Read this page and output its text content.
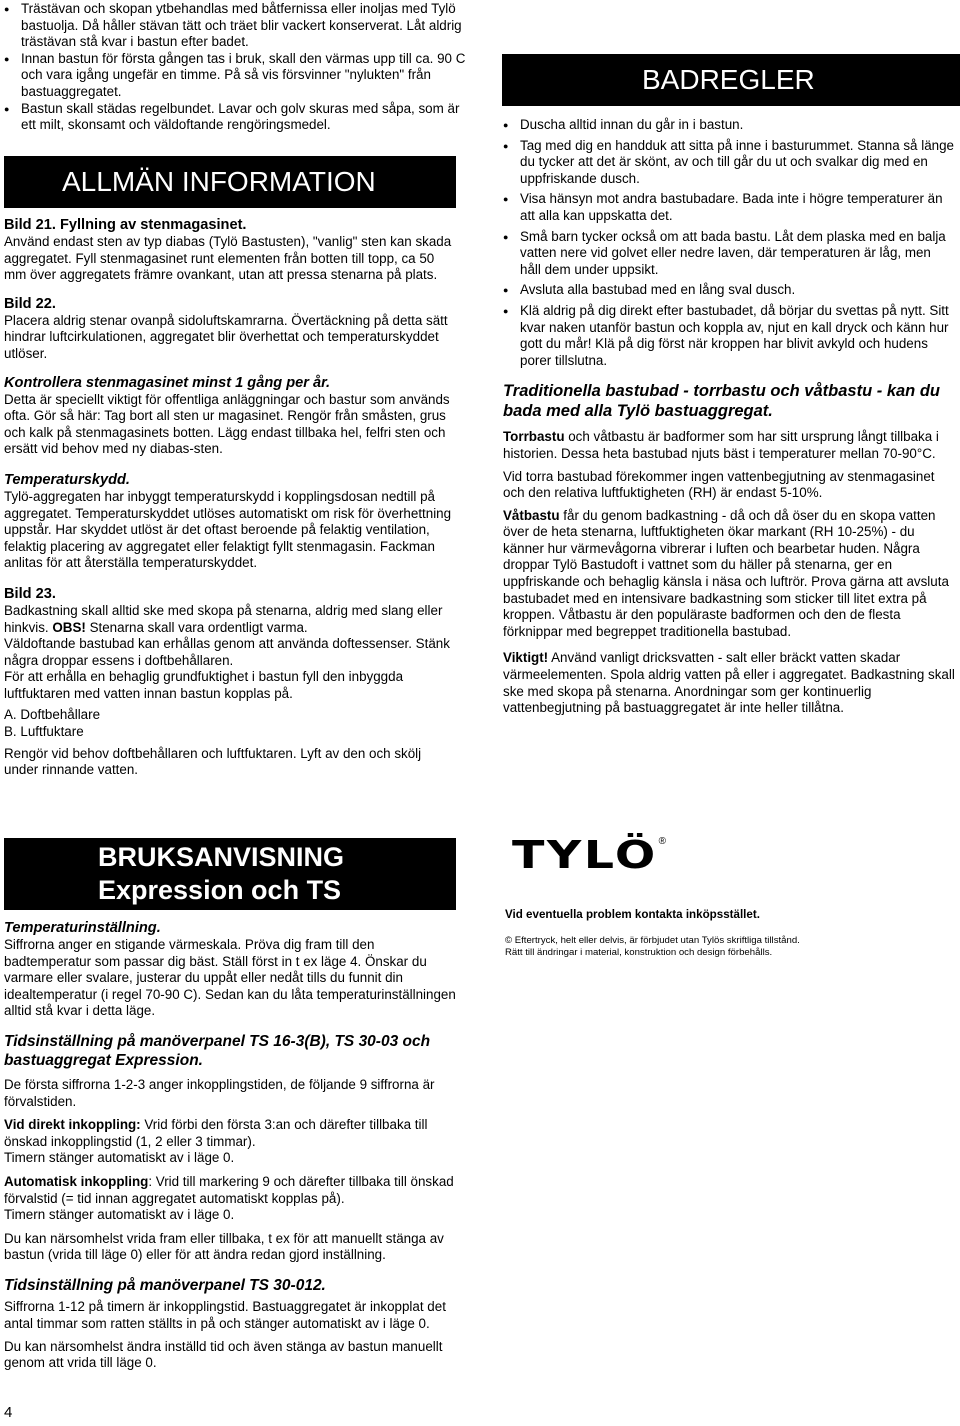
● Trästävan och skopan ytbehandlas med båtfernissa eller inoljas med Tylö bastuolja. Då håller stävan tätt och träet blir vackert konserverat. Låt aldrig trästävan stå kvar i bastun efter badet.
● Innan bastun för första gången tas i bruk, skall den värmas upp till ca. 90 C och vara igång ungefär en timme. På så vis försvinner "nylukten" från bastuaggregatet.
● Bastun skall städas regelbundet. Lavar och golv skuras med såpa, som är ett milt, skonsamt och väldoftande rengöringsmedel.
ALLMÄN INFORMATION
Bild 21. Fyllning av stenmagasinet.

Använd endast sten av typ diabas (Tylö Bastusten), "vanlig" sten kan skada aggregatet. Fyll stenmagasinet runt elementen från botten till topp, ca 50 mm över aggregatets främre ovankant, utan att pressa stenarna på plats.

Bild 22.

Placera aldrig stenar ovanpå sidoluftskamrarna. Övertäckning på detta sätt hindrar luftcirkulationen, aggregatet blir överhettat och temperaturskyddet utlöser.

Kontrollera stenmagasinet minst 1 gång per år.

Detta är speciellt viktigt för offentliga anläggningar och bastur som används ofta. Gör så här: Tag bort all sten ur magasinet. Rengör från småsten, grus och kalk på stenmagasinets botten. Lägg endast tillbaka hel, felfri sten och ersätt vid behov med ny diabas-sten.

Temperaturskydd.

Tylö-aggregaten har inbyggt temperaturskydd i kopplingsdosan nedtill på aggregatet. Temperaturskyddet utlöses automatiskt om risk för överhettning uppstår. Har skyddet utlöst är det oftast beroende på felaktig ventilation, felaktig placering av aggregatet eller felaktigt fyllt stenmagasin. Fackman anlitas för att återställa temperaturskyddet.

Bild 23.

Badkastning skall alltid ske med skopa på stenarna, aldrig med slang eller hinkvis. OBS! Stenarna skall vara ordentligt varma.

Väldoftande bastubad kan erhållas genom att använda doftessenser. Stänk några droppar essens i doftbehållaren.

För att erhålla en behaglig grundfuktighet i bastun fyll den inbyggda luftfuktaren med vatten innan bastun kopplas på.

A. Doftbehållare

B. Luftfuktare

Rengör vid behov doftbehållaren och luftfuktaren. Lyft av den och skölj under rinnande vatten.

BADREGLER
● Duscha alltid innan du går in i bastun.
● Tag med dig en handduk att sitta på inne i basturummet. Stanna så länge du tycker att det är skönt, av och till går du ut och svalkar dig med en uppfriskande dusch.
● Visa hänsyn mot andra bastubadare. Bada inte i högre temperaturer än att alla kan uppskatta det.
● Små barn tycker också om att bada bastu. Låt dem plaska med en balja vatten nere vid golvet eller nedre laven, där temperaturen är låg, men håll dem under uppsikt.
● Avsluta alla bastubad med en lång sval dusch.
● Klä aldrig på dig direkt efter bastubadet, då börjar du svettas på nytt. Sitt kvar naken utanför bastun och koppla av, njut en kall dryck och känn hur gott du mår! Klä på dig först när kroppen har blivit avkyld och hudens porer tillslutna.

Traditionella bastubad - torrbastu och våtbastu - kan du bada med alla Tylö bastuaggregat.

Torrbastu och våtbastu är badformer som har sitt ursprung långt tillbaka i historien. Dessa heta bastubad njuts bäst i temperaturer mellan 70-90°C.

Vid torra bastubad förekommer ingen vattenbegjutning av stenmagasinet och den relativa luftfuktigheten (RH) är endast 5-10%.

Våtbastu får du genom badkastning - då och då öser du en skopa vatten över de heta stenarna, luftfuktigheten ökar markant (RH 10-25%) - du känner hur värmevågorna vibrerar i luften och bearbetar huden. Några droppar Tylö Bastudoft i vattnet som du häller på stenarna, ger en uppfriskande och behaglig känsla i näsa och luftrör. Prova gärna att avsluta bastubadet med en intensivare badkastning som sticker till litet extra på kroppen. Våtbastu är den populäraste badformen och den de flesta förknippar med begreppet traditionella bastubad.

Viktigt! Använd vanligt dricksvatten - salt eller bräckt vatten skadar värmeelementen. Spola aldrig vatten på eller i aggregatet. Badkastning skall ske med skopa på stenarna. Anordningar som ger kontinuerlig vattenbegjutning på bastuaggregatet är inte heller tillåtna.

BRUKSANVISNING
Expression och TS
Temperaturinställning.

Siffrorna anger en stigande värmeskala. Pröva dig fram till den badtemperatur som passar dig bäst. Ställ först in t ex läge 4. Önskar du varmare eller svalare, justerar du uppåt eller nedåt tills du funnit din idealtemperatur (i regel 70-90 C). Sedan kan du låta temperaturinställningen alltid stå kvar i detta läge.

Tidsinställning på manöverpanel TS 16-3(B), TS 30-03 och bastuaggregat Expression.

De första siffrorna 1-2-3 anger inkopplingstiden, de följande 9 siffrorna är förvalstiden.

Vid direkt inkoppling: Vrid förbi den första 3:an och därefter tillbaka till önskad inkopplingstid (1, 2 eller 3 timmar).

Timern stänger automatiskt av i läge 0.

Automatisk inkoppling: Vrid till markering 9 och därefter tillbaka till önskad förvalstid (= tid innan aggregatet automatiskt kopplas på).

Timern stänger automatiskt av i läge 0.

Du kan närsomhelst vrida fram eller tillbaka, t ex för att manuellt stänga av bastun (vrida till läge 0) eller för att ändra redan gjord inställning.

Tidsinställning på manöverpanel TS 30-012.

Siffrorna 1-12 på timern är inkopplingstid. Bastuaggregatet är inkopplat det antal timmar som ratten ställts in på och stänger automatiskt av i läge 0.

Du kan närsomhelst ändra inställd tid och även stänga av bastun manuellt genom att vrida till läge 0.

4
TYLÖ ®

Vid eventuella problem kontakta inköpsstället.

© Eftertryck, helt eller delvis, är förbjudet utan Tylös skriftliga tillstånd.

Rätt till ändringar i material, konstruktion och design förbehålls.
